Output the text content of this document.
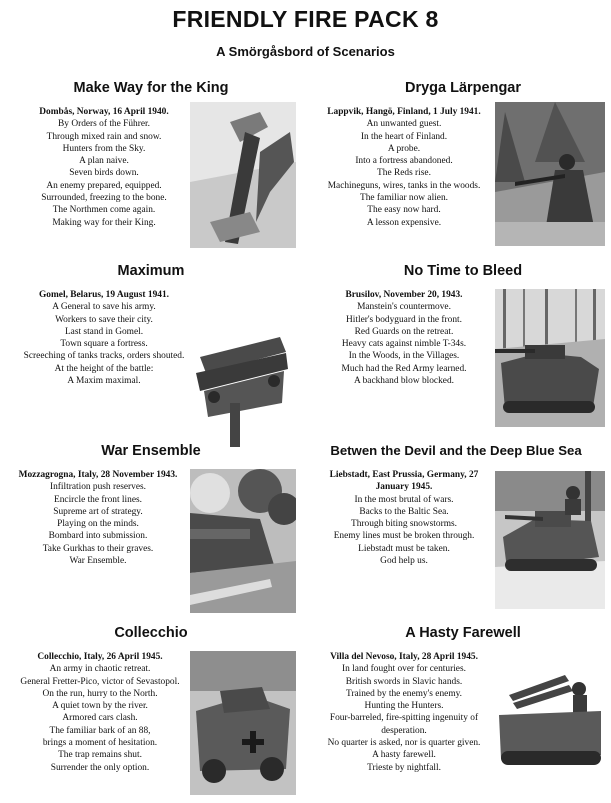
FRIENDLY FIRE PACK 8
A Smörgåsbord of Scenarios
Make Way for the King
Dombås, Norway, 16 April 1940.
By Orders of the Führer.
Through mixed rain and snow.
Hunters from the Sky.
A plan naive.
Seven birds down.
An enemy prepared, equipped.
Surrounded, freezing to the bone.
The Northmen come again.
Making way for their King.
Dryga Lärpengar
Lappvik, Hangö, Finland, 1 July 1941.
An unwanted guest.
In the heart of Finland.
A probe.
Into a fortress abandoned.
The Reds rise.
Machineguns, wires, tanks in the woods.
The familiar now alien.
The easy now hard.
A lesson expensive.
Maximum
Gomel, Belarus, 19 August 1941.
A General to save his army.
Workers to save their city.
Last stand in Gomel.
Town square a fortress.
Screeching of tanks tracks, orders shouted.
At the height of the battle:
A Maxim maximal.
No Time to Bleed
Brusilov, November 20, 1943.
Manstein's countermove.
Hitler's bodyguard in the front.
Red Guards on the retreat.
Heavy cats against nimble T-34s.
In the Woods, in the Villages.
Much had the Red Army learned.
A backhand blow blocked.
War Ensemble
Mozzagrogna, Italy, 28 November 1943.
Infiltration push reserves.
Encircle the front lines.
Supreme art of strategy.
Playing on the minds.
Bombard into submission.
Take Gurkhas to their graves.
War Ensemble.
Betwen the Devil and the Deep Blue Sea
Liebstadt, East Prussia, Germany, 27 January 1945.
In the most brutal of wars.
Backs to the Baltic Sea.
Through biting snowstorms.
Enemy lines must be broken through.
Liebstadt must be taken.
God help us.
Collecchio
Collecchio, Italy, 26 April 1945.
An army in chaotic retreat.
General Fretter-Pico, victor of Sevastopol.
On the run, hurry to the North.
A quiet town by the river.
Armored cars clash.
The familiar bark of an 88,
brings a moment of hesitation.
The trap remains shut.
Surrender the only option.
A Hasty Farewell
Villa del Nevoso, Italy, 28 April 1945.
In land fought over for centuries.
British swords in Slavic hands.
Trained by the enemy's enemy.
Hunting the Hunters.
Four-barreled, fire-spitting ingenuity of desperation.
No quarter is asked, nor is quarter given.
A hasty farewell.
Trieste by nightfall.
